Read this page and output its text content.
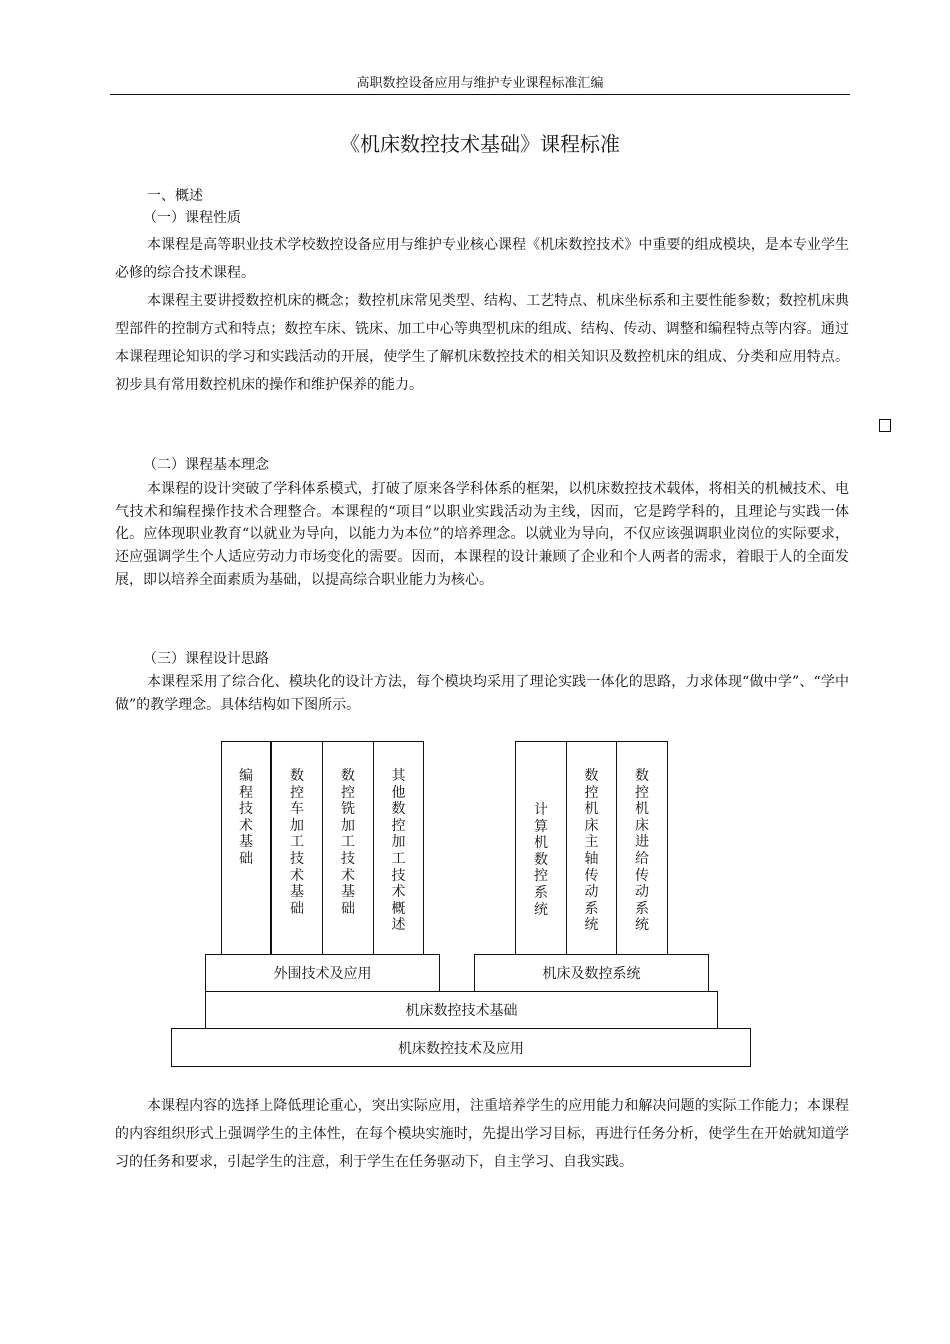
高职数控设备应用与维护专业课程标准汇编
《机床数控技术基础》课程标准
一、概述
（一）课程性质

本课程是高等职业技术学校数控设备应用与维护专业核心课程《机床数控技术》中重要的组成模块，是本专业学生必修的综合技术课程。

本课程主要讲授数控机床的概念；数控机床常见类型、结构、工艺特点、机床坐标系和主要性能参数；数控机床典型部件的控制方式和特点；数控车床、铣床、加工中心等典型机床的组成、结构、传动、调整和编程特点等内容。通过本课程理论知识的学习和实践活动的开展，使学生了解机床数控技术的相关知识及数控机床的组成、分类和应用特点。初步具有常用数控机床的操作和维护保养的能力。

（二）课程基本理念

本课程的设计突破了学科体系模式，打破了原来各学科体系的框架，以机床数控技术载体，将相关的机械技术、电气技术和编程操作技术合理整合。本课程的“项目”以职业实践活动为主线，因而，它是跨学科的，且理论与实践一体化。应体现职业教育“以就业为导向，以能力为本位”的培养理念。以就业为导向，不仅应该强调职业岗位的实际要求，还应强调学生个人适应劳动力市场变化的需要。因而，本课程的设计兼顾了企业和个人两者的需求，着眼于人的全面发展，即以培养全面素质为基础，以提高综合职业能力为核心。

（三）课程设计思路

本课程采用了综合化、模块化的设计方法，每个模块均采用了理论实践一体化的思路，力求体现“做中学”、“学中做”的教学理念。具体结构如下图所示。

编程技术基础
数控车加工技术基础
数控铣加工技术基础
其他数控加工技术概述
计算机数控系统
数控机床主轴传动系统
数控机床进给传动系统
外围技术及应用	机床及数控系统
机床数控技术基础
机床数控技术及应用

本课程内容的选择上降低理论重心，突出实际应用，注重培养学生的应用能力和解决问题的实际工作能力；本课程的内容组织形式上强调学生的主体性，在每个模块实施时，先提出学习目标，再进行任务分析，使学生在开始就知道学习的任务和要求，引起学生的注意，利于学生在任务驱动下，自主学习、自我实践。
